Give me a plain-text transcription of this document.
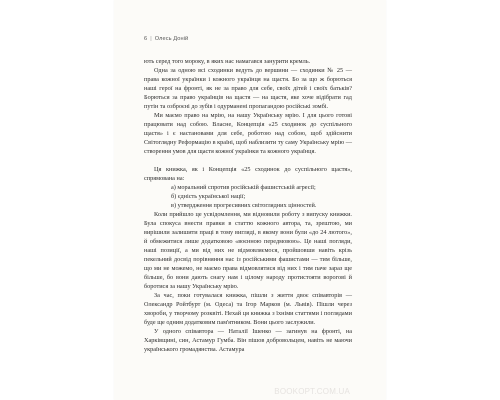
6 | Олесь Доній

ють серед того мороку, в яких нас намагався занурити кремль.

Одна за одною всі сходинки ведуть до вершини — сходинки № 25 — права кожної українки і кожного українця на щастя. Бо за що ж борються наші герої на фронті, як не за право для себе, своїх дітей і своїх батьків? Борються за право українців на щастя — на щастя, яке хоче відібрати гад путін та озброєні до зубів і одурманені пропагандою російські зомбі.

Ми маємо право на мрію, на нашу Українську мрію. І для цього готові працювати над собою. Власне, Концепція «25 сходинок до суспільного щастя» і є настановами для себе, роботою над собою, щоб здійснити Світоглядну Реформацію в країні, щоб наблизити ту саму Українську мрію — створення умов для щастя кожної українки та кожного українця.

Ця книжка, як і Концепція «25 сходинок до суспільного щастя», спрямована на:

а) моральний спротив російській фашистській агресії;

б) єдність української нації;

в) утвердження прогресивних світоглядних цінностей.

Коли прийшло це усвідомлення, ми відновили роботу з випуску книжки. Була спокуса внести правки в статтю кожного автора, та, зрештою, ми вирішили залишити праці в тому вигляді, в якому вони були «до 24 лютого», й обмежитися лише додатковою «воєнною передмовою». Це наші погляди, наші позиції, а ми від них не відмовляємося, пройшовши навіть крізь пекельний досвід порівняння нас із російськими фашистами — тим більше, що ми не можемо, не маємо права відмовлятися від них і тим паче зараз ще більше, бо вони дають снагу нам і цілому народу протистояти ворогові й боротися за нашу Українську мрію.

За час, поки готувалася книжка, пішли з життя двоє співавторів — Олександр Ройтбурт (м. Одеса) та Ігор Марков (м. Львів). Пішли через хвороби, у творчому розквіті. Нехай ця книжка з їхніми статтями і поглядами буде ще одним додатковим пам'ятником. Вони цього заслужили.

У одного співавтора — Наталії Ішенко — загинув на фронті, на Харківщині, син, Астамур Гумба. Він пішов добровольцем, навіть не маючи українського громадянства. Астамура

BOOKOPT.COM.UA
